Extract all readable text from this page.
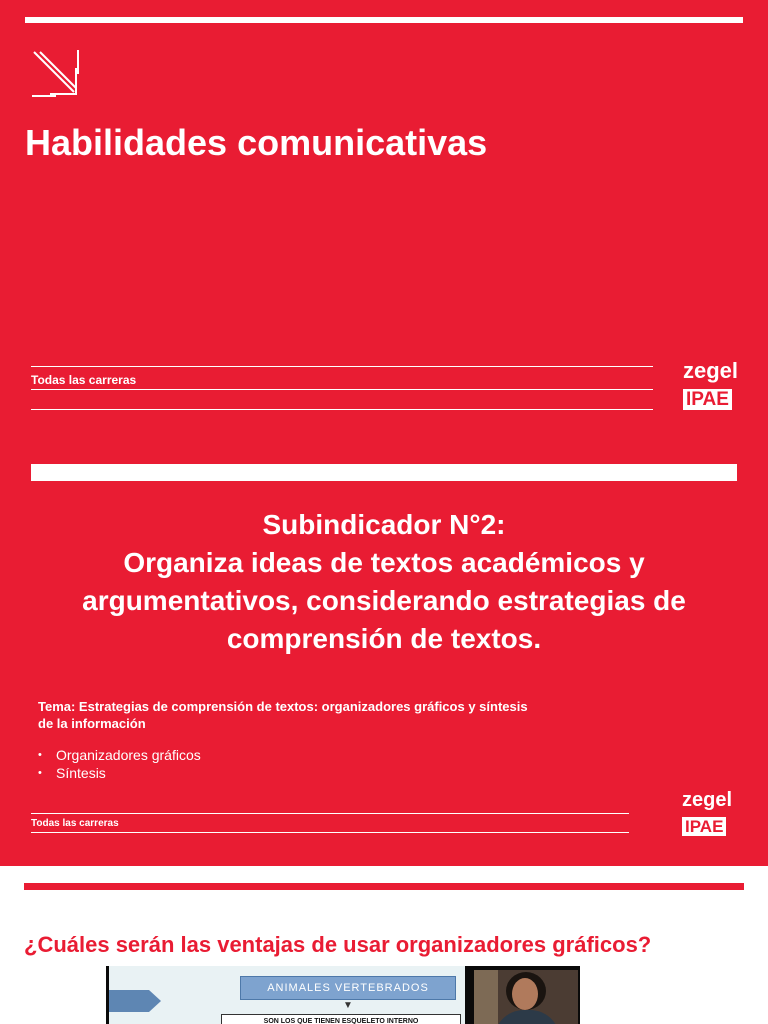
Habilidades comunicativas
Todas las carreras	zegel
IPAE
Subindicador N°2:
Organiza ideas de textos académicos y
argumentativos, considerando estrategias de
comprensión de textos.
Tema: Estrategias de comprensión de textos: organizadores gráficos y síntesis
de la información
• Organizadores gráficos
• Síntesis
Todas las carreras
zegel
IPAE
¿Cuáles serán las ventajas de usar organizadores gráficos?
ANIMALES VERTEBRADOS
▼
SON LOS QUE TIENEN ESQUELETO INTERNO
